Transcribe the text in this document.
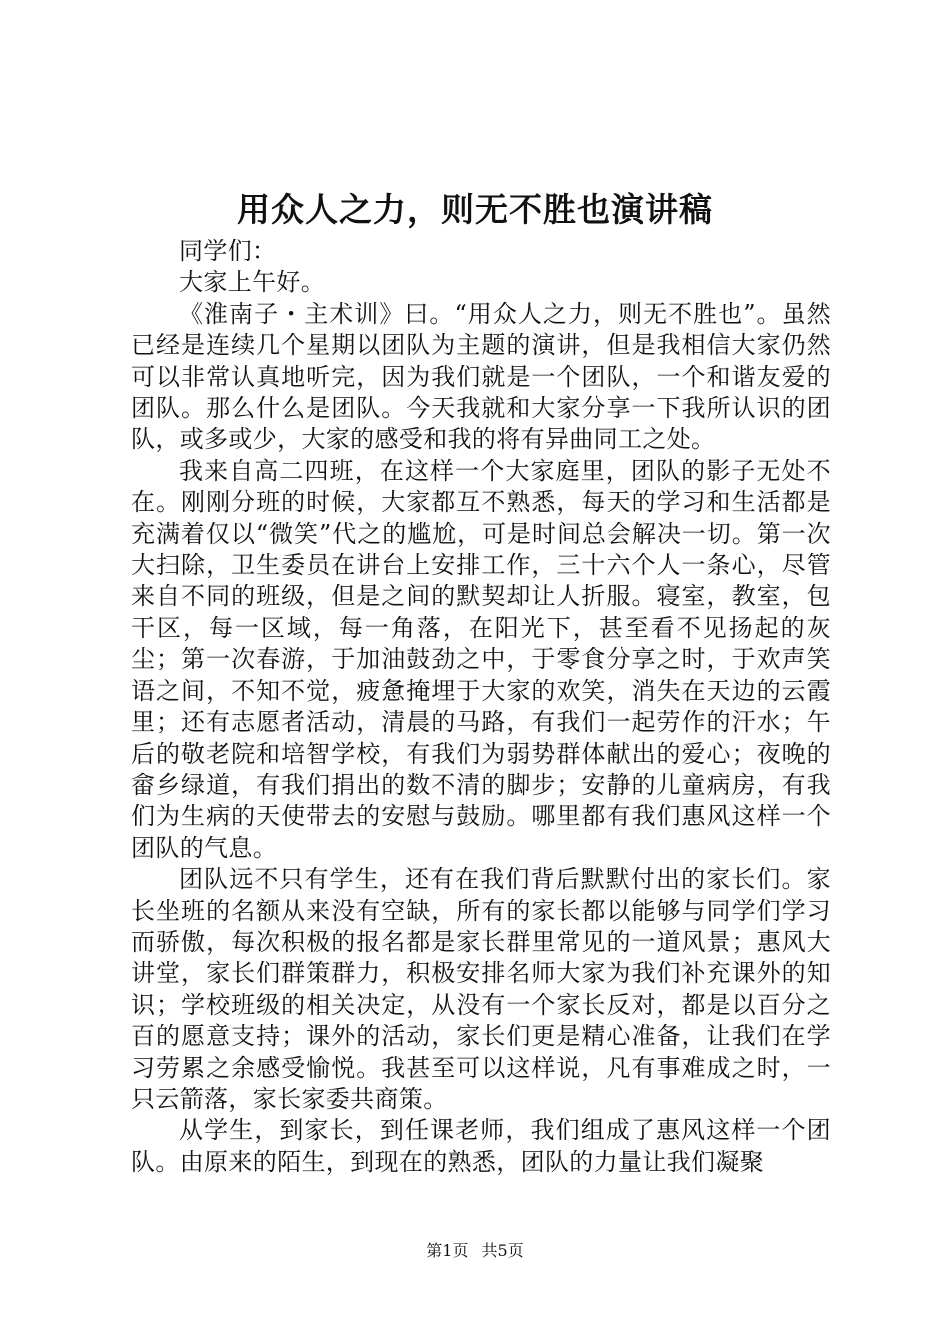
用众人之力，则无不胜也演讲稿

同学们：

大家上午好。

《淮南子・主术训》曰。“用众人之力，则无不胜也”。虽然已经是连续几个星期以团队为主题的演讲，但是我相信大家仍然可以非常认真地听完，因为我们就是一个团队，一个和谐友爱的团队。那么什么是团队。今天我就和大家分享一下我所认识的团队，或多或少，大家的感受和我的将有异曲同工之处。

我来自高二四班，在这样一个大家庭里，团队的影子无处不在。刚刚分班的时候，大家都互不熟悉，每天的学习和生活都是充满着仅以“微笑”代之的尴尬，可是时间总会解决一切。第一次大扫除，卫生委员在讲台上安排工作，三十六个人一条心，尽管来自不同的班级，但是之间的默契却让人折服。寝室，教室，包干区，每一区域，每一角落，在阳光下，甚至看不见扬起的灰尘；第一次春游，于加油鼓劲之中，于零食分享之时，于欢声笑语之间，不知不觉，疲惫掩埋于大家的欢笑，消失在天边的云霞里；还有志愿者活动，清晨的马路，有我们一起劳作的汗水；午后的敬老院和培智学校，有我们为弱势群体献出的爱心；夜晚的畲乡绿道，有我们捐出的数不清的脚步；安静的儿童病房，有我们为生病的天使带去的安慰与鼓励。哪里都有我们惠风这样一个团队的气息。

团队远不只有学生，还有在我们背后默默付出的家长们。家长坐班的名额从来没有空缺，所有的家长都以能够与同学们学习而骄傲，每次积极的报名都是家长群里常见的一道风景；惠风大讲堂，家长们群策群力，积极安排名师大家为我们补充课外的知识；学校班级的相关决定，从没有一个家长反对，都是以百分之百的愿意支持；课外的活动，家长们更是精心准备，让我们在学习劳累之余感受愉悦。我甚至可以这样说，凡有事难成之时，一只云箭落，家长家委共商策。

从学生，到家长，到任课老师，我们组成了惠风这样一个团队。由原来的陌生，到现在的熟悉，团队的力量让我们凝聚

第1页 共5页
